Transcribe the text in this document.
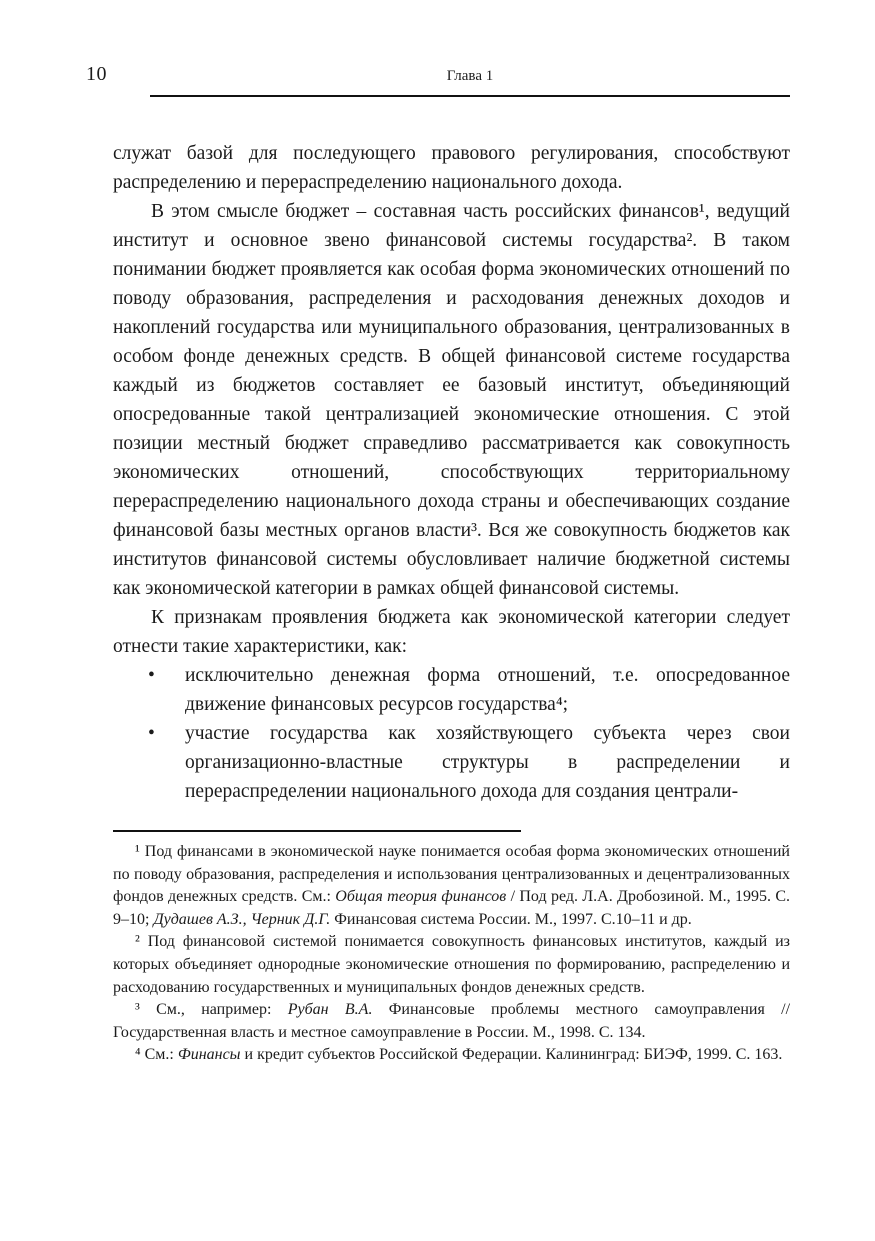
10	Глава 1

служат базой для последующего правового регулирования, способствуют распределению и перераспределению национального дохода.

В этом смысле бюджет – составная часть российских финансов¹, ведущий институт и основное звено финансовой системы государства². В таком понимании бюджет проявляется как особая форма экономических отношений по поводу образования, распределения и расходования денежных доходов и накоплений государства или муниципального образования, централизованных в особом фонде денежных средств. В общей финансовой системе государства каждый из бюджетов составляет ее базовый институт, объединяющий опосредованные такой централизацией экономические отношения. С этой позиции местный бюджет справедливо рассматривается как совокупность экономических отношений, способствующих территориальному перераспределению национального дохода страны и обеспечивающих создание финансовой базы местных органов власти³. Вся же совокупность бюджетов как институтов финансовой системы обусловливает наличие бюджетной системы как экономической категории в рамках общей финансовой системы.

К признакам проявления бюджета как экономической категории следует отнести такие характеристики, как:

• исключительно денежная форма отношений, т.е. опосредованное движение финансовых ресурсов государства⁴;
• участие государства как хозяйствующего субъекта через свои организационно-властные структуры в распределении и перераспределении национального дохода для создания централи-

¹ Под финансами в экономической науке понимается особая форма экономических отношений по поводу образования, распределения и использования централизованных и децентрализованных фондов денежных средств. См.: Общая теория финансов / Под ред. Л.А. Дробозиной. М., 1995. С. 9–10; Дудашев А.З., Черник Д.Г. Финансовая система России. М., 1997. С.10–11 и др.

² Под финансовой системой понимается совокупность финансовых институтов, каждый из которых объединяет однородные экономические отношения по формированию, распределению и расходованию государственных и муниципальных фондов денежных средств.

³ См., например: Рубан В.А. Финансовые проблемы местного самоуправления // Государственная власть и местное самоуправление в России. М., 1998. С. 134.

⁴ См.: Финансы и кредит субъектов Российской Федерации. Калининград: БИЭФ, 1999. С. 163.
